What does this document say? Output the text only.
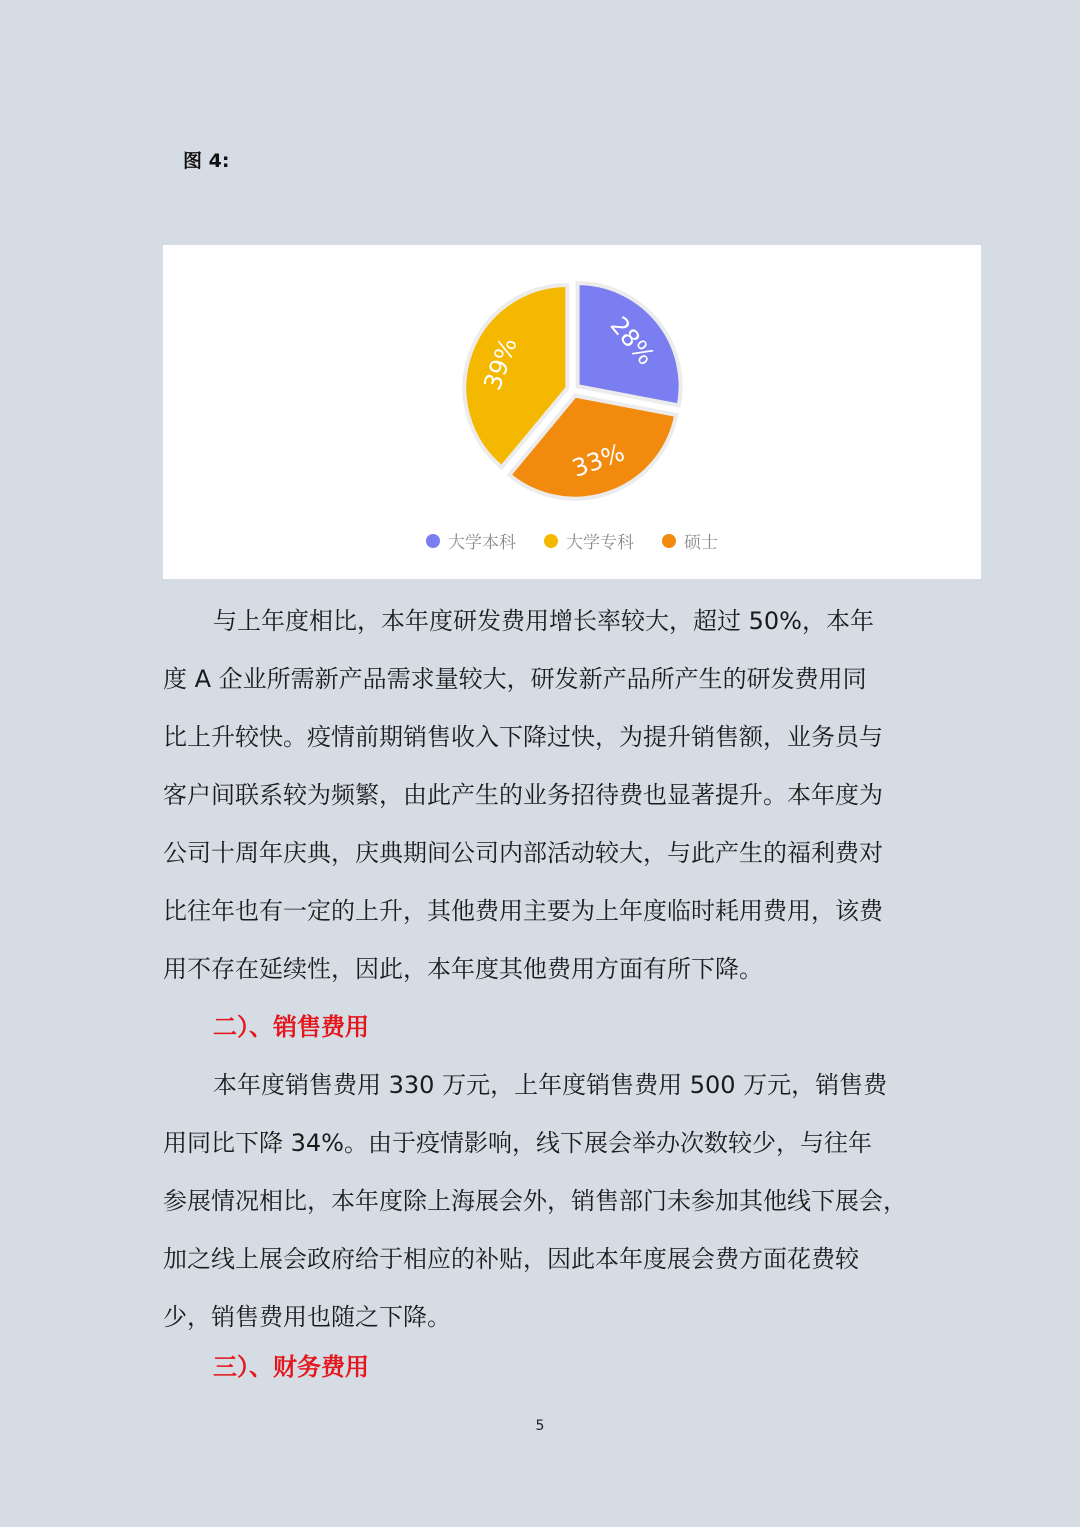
图 4:
28%
33%
39%
大学本科	大学专科	硕士
与上年度相比，本年度研发费用增长率较大，超过 50%，本年
度 A 企业所需新产品需求量较大，研发新产品所产生的研发费用同
比上升较快。疫情前期销售收入下降过快，为提升销售额，业务员与
客户间联系较为频繁，由此产生的业务招待费也显著提升。本年度为
公司十周年庆典，庆典期间公司内部活动较大，与此产生的福利费对
比往年也有一定的上升，其他费用主要为上年度临时耗用费用，该费
用不存在延续性，因此，本年度其他费用方面有所下降。
二）、销售费用
本年度销售费用 330 万元，上年度销售费用 500 万元，销售费
用同比下降 34%。由于疫情影响，线下展会举办次数较少，与往年
参展情况相比，本年度除上海展会外，销售部门未参加其他线下展会，
加之线上展会政府给于相应的补贴，因此本年度展会费方面花费较
少，销售费用也随之下降。
三）、财务费用
5
